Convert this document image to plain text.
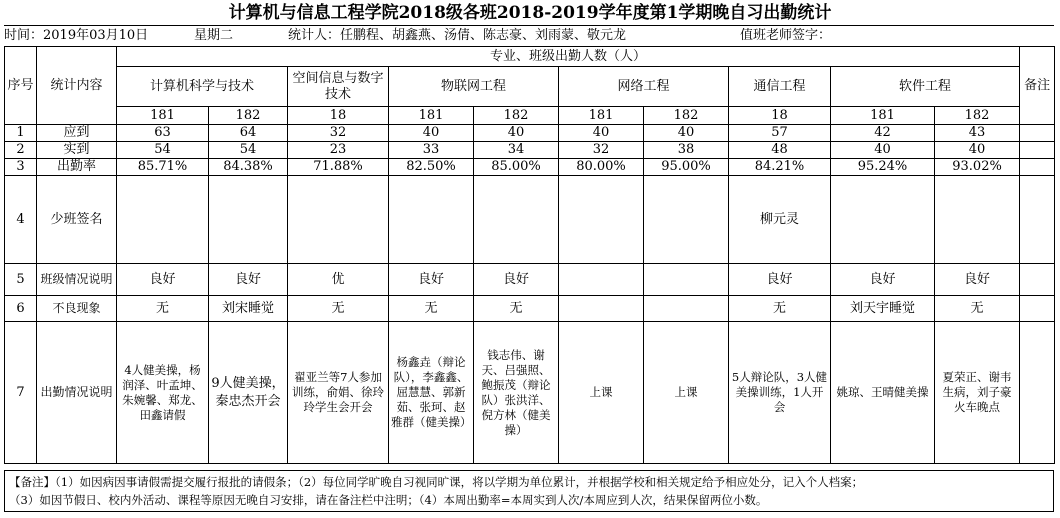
计算机与信息工程学院2018级各班2018-2019学年度第1学期晚自习出勤统计
时间：2019年03月10日	星期二	统计人：任鹏程、胡鑫燕、汤倩、陈志豪、刘雨蒙、敬元龙	值班老师签字：
序号	统计内容	专业、班级出勤人数（人）										备注
		计算机科学与技术		空间信息与数字技术	物联网工程		网络工程		通信工程	软件工程		
		181	182	18	181	182	181	182	18	181	182	
1	应到	63	64	32	40	40	40	40	57	42	43	
2	实到	54	54	23	33	34	32	38	48	40	40	
3	出勤率	85.71%	84.38%	71.88%	82.50%	85.00%	80.00%	95.00%	84.21%	95.24%	93.02%	
4	少班签名								柳元灵			
5	班级情况说明	良好	良好	优	良好	良好			良好	良好	良好	
6	不良现象	无	刘宋睡觉	无	无	无			无	刘天宇睡觉	无	
7	出勤情况说明	4人健美操，杨润泽、叶孟坤、朱婉馨、郑龙、田鑫请假	9人健美操，秦忠杰开会	翟亚兰等7人参加训练，俞娟、徐玲玲学生会开会	杨鑫垚（辩论队），李鑫鑫、屈慧慧、郭新茹、张珂、赵雅群（健美操）	钱志伟、谢天、吕强照、鲍振茂（辩论队）张洪洋、倪方林（健美操）	上课	上课	5人辩论队，3人健美操训练，1人开会	姚琼、王晴健美操	夏荣正、谢韦生病，刘子豪火车晚点	
【备注】（1）如因病因事请假需提交履行报批的请假条；（2）每位同学旷晚自习视同旷课，将以学期为单位累计，并根据学校和相关规定给予相应处分，记入个人档案；
（3）如因节假日、校内外活动、课程等原因无晚自习安排，请在备注栏中注明；（4）本周出勤率=本周实到人次/本周应到人次，结果保留两位小数。
